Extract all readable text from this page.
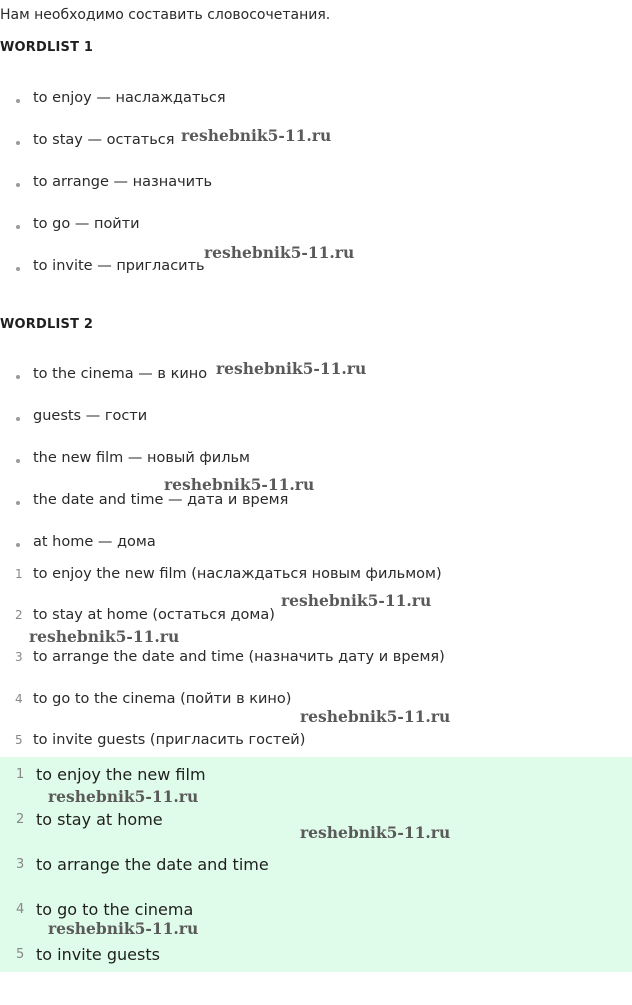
Нам необходимо составить словосочетания.
WORDLIST 1
to enjoy — наслаждаться
to stay — остаться
to arrange — назначить
to go — пойти
to invite — пригласить
WORDLIST 2
to the cinema — в кино
guests — гости
the new film — новый фильм
the date and time — дата и время
at home — дома
1 to enjoy the new film (наслаждаться новым фильмом)
2 to stay at home (остаться дома)
3 to arrange the date and time (назначить дату и время)
4 to go to the cinema (пойти в кино)
5 to invite guests (пригласить гостей)
1 to enjoy the new film
2 to stay at home
3 to arrange the date and time
4 to go to the cinema
5 to invite guests
reshebnik5-11.ru
reshebnik5-11.ru
reshebnik5-11.ru
reshebnik5-11.ru
reshebnik5-11.ru
reshebnik5-11.ru
reshebnik5-11.ru
reshebnik5-11.ru
reshebnik5-11.ru
reshebnik5-11.ru
